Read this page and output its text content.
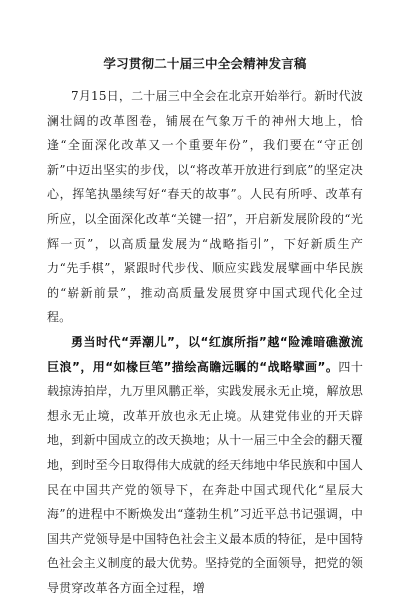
学习贯彻二十届三中全会精神发言稿

7月15日，二十届三中全会在北京开始举行。新时代波澜壮阔的改革图卷，铺展在气象万千的神州大地上，恰逢“全面深化改革又一个重要年份”，我们要在“守正创新”中迈出坚实的步伐，以“将改革开放进行到底”的坚定决心，挥笔执墨续写好“春天的故事”。人民有所呼、改革有所应，以全面深化改革“关键一招”，开启新发展阶段的“光辉一页”，以高质量发展为“战略指引”，下好新质生产力“先手棋”，紧跟时代步伐、顺应实践发展擘画中华民族的“崭新前景”，推动高质量发展贯穿中国式现代化全过程。

勇当时代“弄潮儿”，以“红旗所指”越“险滩暗礁激流巨浪”，用“如椽巨笔”描绘高瞻远瞩的“战略擘画”。四十载掠涛拍岸，九万里风鹏正举，实践发展永无止境，解放思想永无止境，改革开放也永无止境。从建党伟业的开天辟地，到新中国成立的改天换地；从十一届三中全会的翻天覆地，到时至今日取得伟大成就的经天纬地中华民族和中国人民在中国共产党的领导下，在奔赴中国式现代化“星辰大海”的进程中不断焕发出“蓬勃生机”习近平总书记强调，中国共产党领导是中国特色社会主义最本质的特征，是中国特色社会主义制度的最大优势。坚持党的全面领导，把党的领导贯穿改革各方面全过程，增
